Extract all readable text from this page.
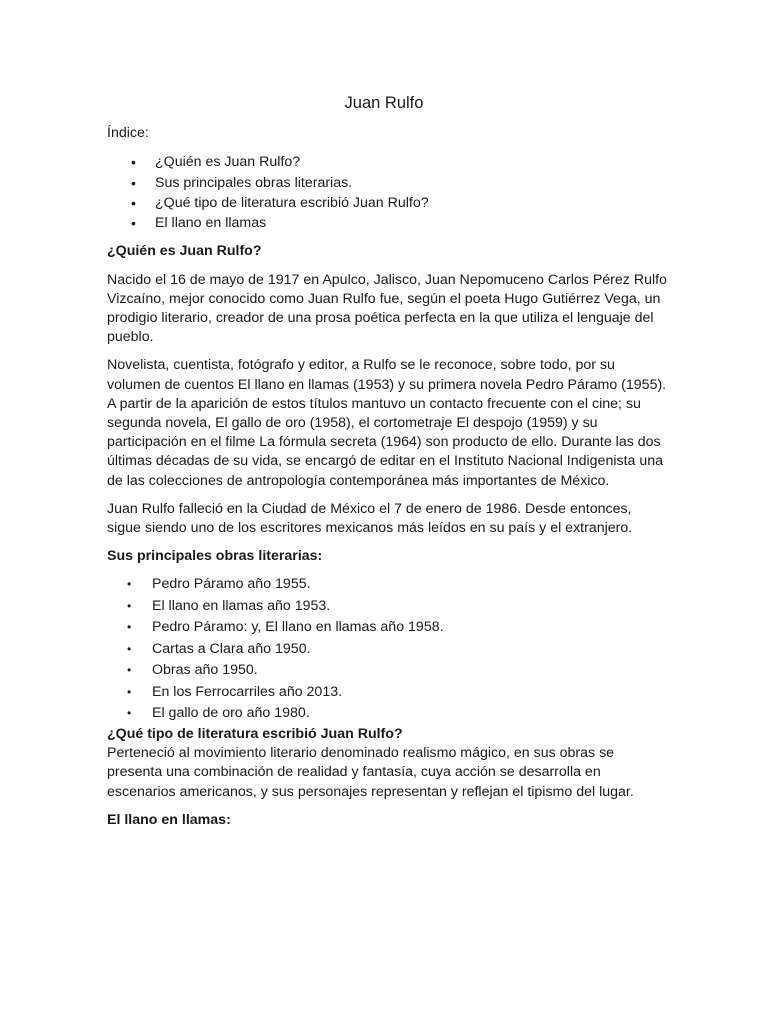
Juan Rulfo

Índice:

• ¿Quién es Juan Rulfo?
• Sus principales obras literarias.
• ¿Qué tipo de literatura escribió Juan Rulfo?
• El llano en llamas

¿Quién es Juan Rulfo?

Nacido el 16 de mayo de 1917 en Apulco, Jalisco, Juan Nepomuceno Carlos Pérez Rulfo Vizcaíno, mejor conocido como Juan Rulfo fue, según el poeta Hugo Gutiérrez Vega, un prodigio literario, creador de una prosa poética perfecta en la que utiliza el lenguaje del pueblo.

Novelista, cuentista, fotógrafo y editor, a Rulfo se le reconoce, sobre todo, por su volumen de cuentos El llano en llamas (1953) y su primera novela Pedro Páramo (1955). A partir de la aparición de estos títulos mantuvo un contacto frecuente con el cine; su segunda novela, El gallo de oro (1958), el cortometraje El despojo (1959) y su participación en el filme La fórmula secreta (1964) son producto de ello. Durante las dos últimas décadas de su vida, se encargó de editar en el Instituto Nacional Indigenista una de las colecciones de antropología contemporánea más importantes de México.

Juan Rulfo falleció en la Ciudad de México el 7 de enero de 1986. Desde entonces, sigue siendo uno de los escritores mexicanos más leídos en su país y el extranjero.

Sus principales obras literarias:

• Pedro Páramo año 1955.
• El llano en llamas año 1953.
• Pedro Páramo: y, El llano en llamas año 1958.
• Cartas a Clara año 1950.
• Obras año 1950.
• En los Ferrocarriles año 2013.
• El gallo de oro año 1980.

¿Qué tipo de literatura escribió Juan Rulfo?

Perteneció al movimiento literario denominado realismo mágico, en sus obras se presenta una combinación de realidad y fantasía, cuya acción se desarrolla en escenarios americanos, y sus personajes representan y reflejan el tipismo del lugar.

El llano en llamas:
